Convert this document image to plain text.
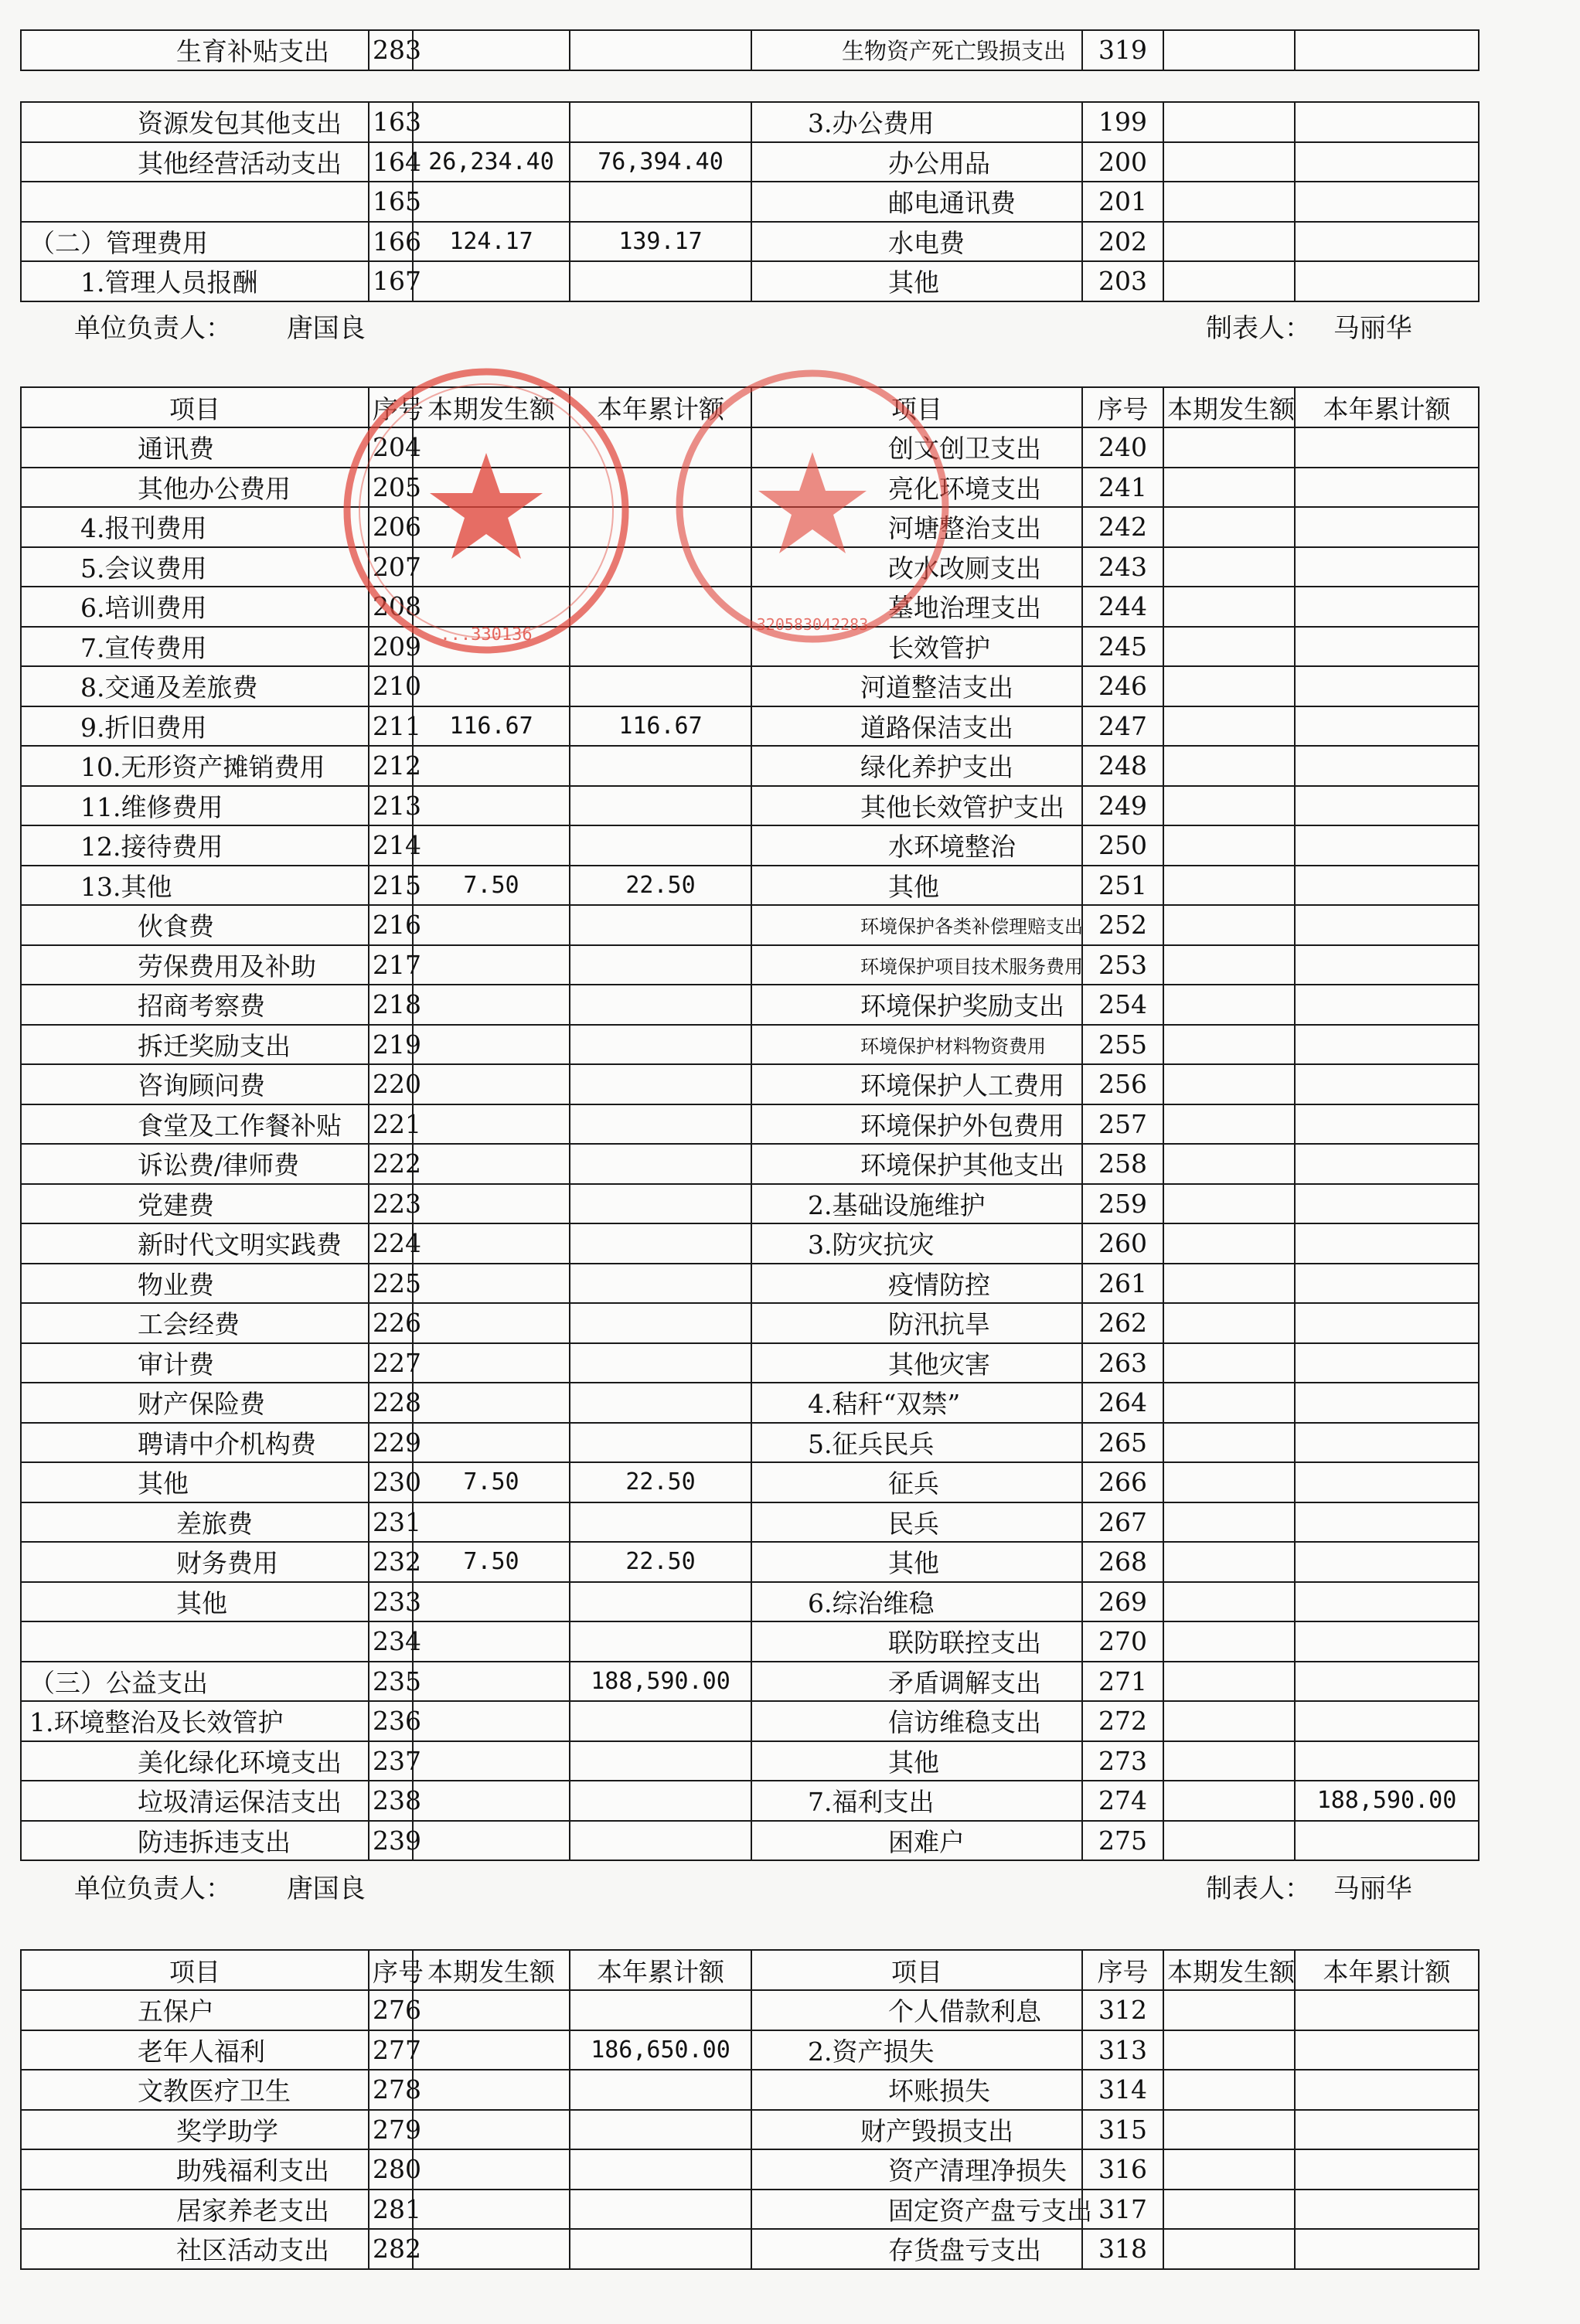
生育补贴支出	283			生物资产死亡毁损支出	319		
资源发包其他支出	163			3.办公费用	199		
其他经营活动支出	164	26,234.40	76,394.40	办公用品	200		
	165			邮电通讯费	201		
（二）管理费用	166	124.17	139.17	水电费	202		
1.管理人员报酬	167			其他	203		
单位负责人： 唐国良	制表人： 马丽华
项目	序号	本期发生额	本年累计额	项目	序号	本期发生额	本年累计额
通讯费	204			创文创卫支出	240		
其他办公费用	205			亮化环境支出	241		
4.报刊费用	206			河塘整治支出	242		
5.会议费用	207			改水改厕支出	243		
6.培训费用	208			墓地治理支出	244		
7.宣传费用	209			长效管护	245		
8.交通及差旅费	210			河道整洁支出	246		
9.折旧费用	211	116.67	116.67	道路保洁支出	247		
10.无形资产摊销费用	212			绿化养护支出	248		
11.维修费用	213			其他长效管护支出	249		
12.接待费用	214			水环境整治	250		
13.其他	215	7.50	22.50	其他	251		
伙食费	216			环境保护各类补偿理赔支出	252		
劳保费用及补助	217			环境保护项目技术服务费用	253		
招商考察费	218			环境保护奖励支出	254		
拆迁奖励支出	219			环境保护材料物资费用	255		
咨询顾问费	220			环境保护人工费用	256		
食堂及工作餐补贴	221			环境保护外包费用	257		
诉讼费/律师费	222			环境保护其他支出	258		
党建费	223			2.基础设施维护	259		
新时代文明实践费	224			3.防灾抗灾	260		
物业费	225			疫情防控	261		
工会经费	226			防汛抗旱	262		
审计费	227			其他灾害	263		
财产保险费	228			4.秸秆“双禁”	264		
聘请中介机构费	229			5.征兵民兵	265		
其他	230	7.50	22.50	征兵	266		
差旅费	231			民兵	267		
财务费用	232	7.50	22.50	其他	268		
其他	233			6.综治维稳	269		
	234			联防联控支出	270		
（三）公益支出	235		188,590.00	矛盾调解支出	271		
1.环境整治及长效管护	236			信访维稳支出	272		
美化绿化环境支出	237			其他	273		
垃圾清运保洁支出	238			7.福利支出	274		188,590.00
防违拆违支出	239			困难户	275		
单位负责人： 唐国良	制表人： 马丽华
项目	序号	本期发生额	本年累计额	项目	序号	本期发生额	本年累计额
五保户	276			个人借款利息	312		
老年人福利	277		186,650.00	2.资产损失	313		
文教医疗卫生	278			坏账损失	314		
奖学助学	279			财产毁损支出	315		
助残福利支出	280			资产清理净损失	316		
居家养老支出	281			固定资产盘亏支出	317		
社区活动支出	282			存货盘亏支出	318		
...330136
320583042283
